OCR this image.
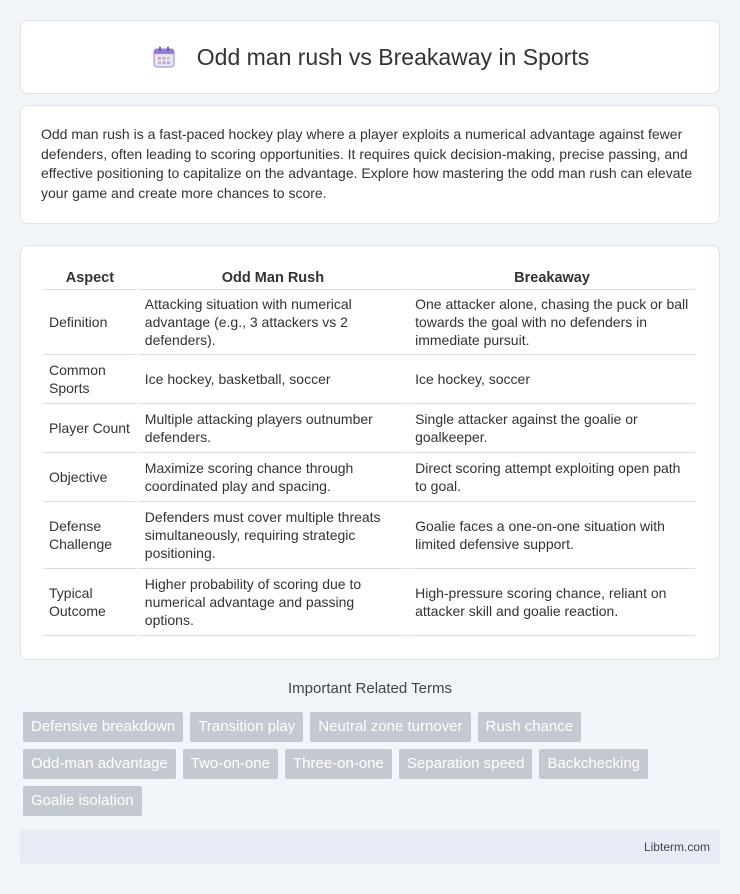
Odd man rush vs Breakaway in Sports

Odd man rush is a fast-paced hockey play where a player exploits a numerical advantage against fewer defenders, often leading to scoring opportunities. It requires quick decision-making, precise passing, and effective positioning to capitalize on the advantage. Explore how mastering the odd man rush can elevate your game and create more chances to score.

Aspect	Odd Man Rush	Breakaway
Definition	Attacking situation with numerical advantage (e.g., 3 attackers vs 2 defenders).	One attacker alone, chasing the puck or ball towards the goal with no defenders in immediate pursuit.
Common Sports	Ice hockey, basketball, soccer	Ice hockey, soccer
Player Count	Multiple attacking players outnumber defenders.	Single attacker against the goalie or goalkeeper.
Objective	Maximize scoring chance through coordinated play and spacing.	Direct scoring attempt exploiting open path to goal.
Defense Challenge	Defenders must cover multiple threats simultaneously, requiring strategic positioning.	Goalie faces a one-on-one situation with limited defensive support.
Typical Outcome	Higher probability of scoring due to numerical advantage and passing options.	High-pressure scoring chance, reliant on attacker skill and goalie reaction.
Important Related Terms
Defensive breakdown	Transition play	Neutral zone turnover	Rush chance
Odd-man advantage	Two-on-one	Three-on-one	Separation speed	Backchecking
Goalie isolation
Libterm.com
